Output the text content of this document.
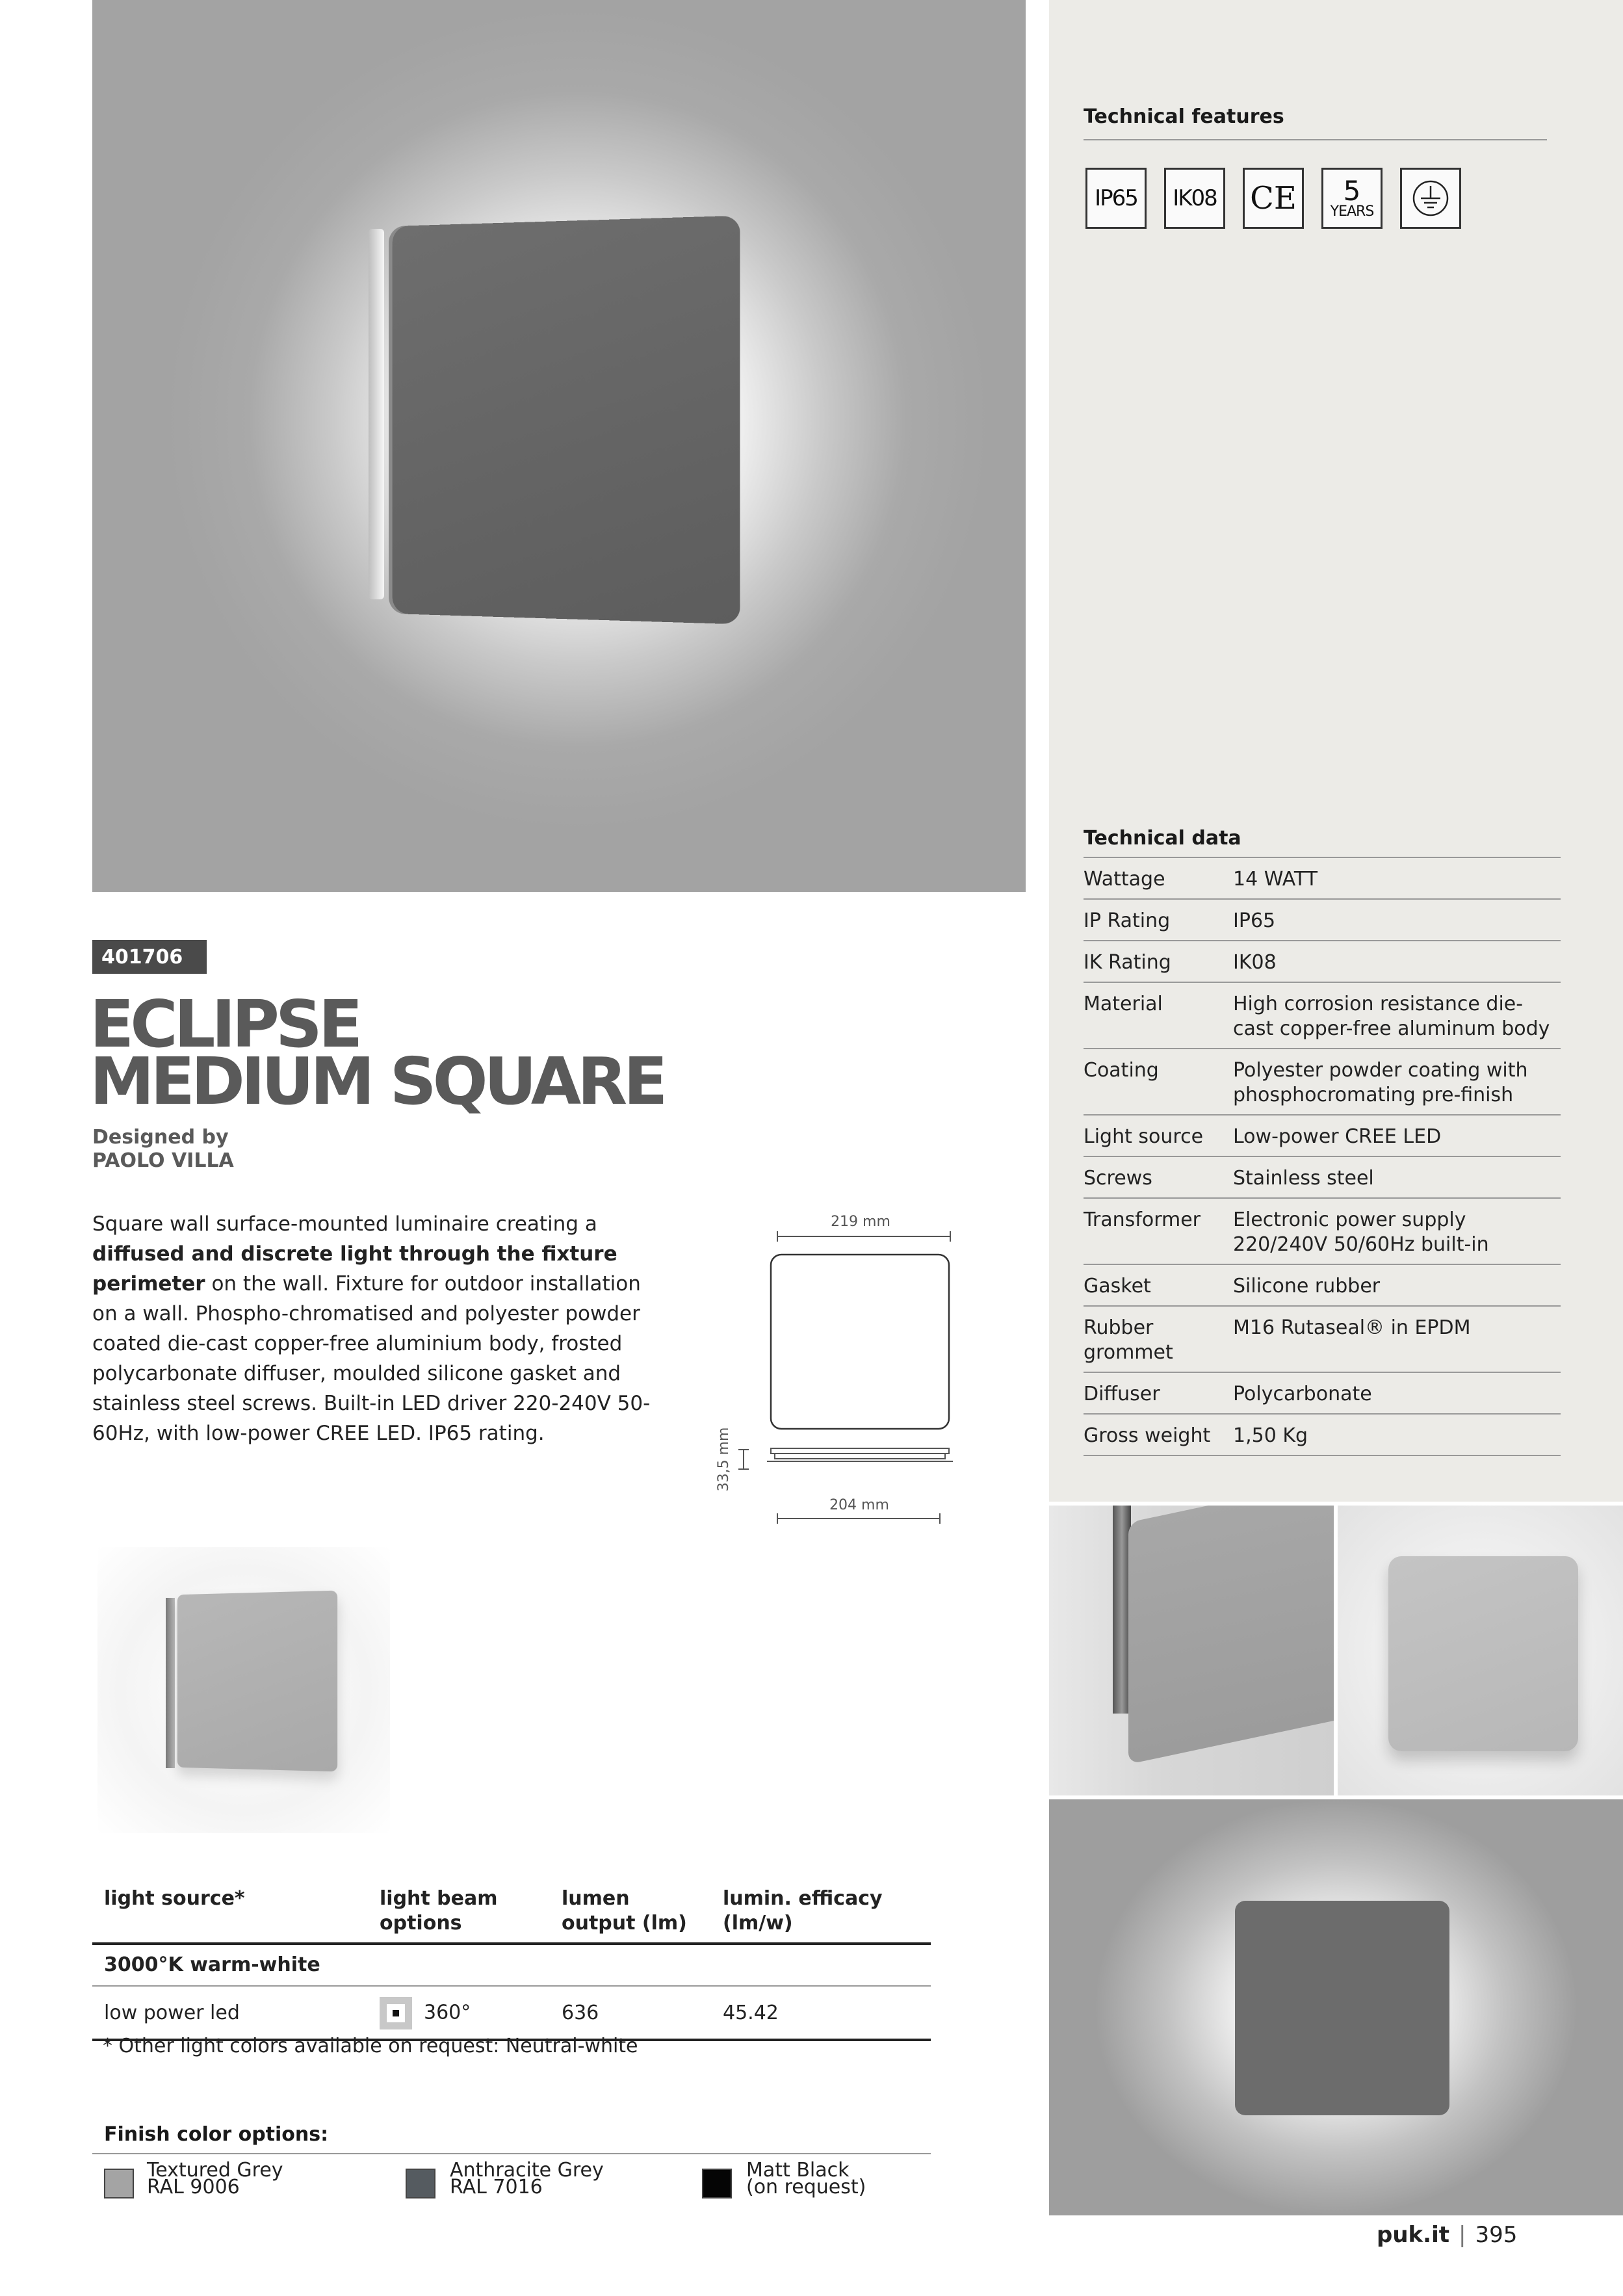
Technical features
IP65 IK08 CE 5
YEARS
Technical data
Wattage	14 WATT
IP Rating	IP65
IK Rating	IK08
Material	High corrosion resistance die-cast copper-free aluminum body
Coating	Polyester powder coating with phosphocromating pre-finish
Light source	Low-power CREE LED
Screws	Stainless steel
Transformer	Electronic power supply 220/240V 50/60Hz built-in
Gasket	Silicone rubber
Rubber grommet	M16 Rutaseal® in EPDM
Diffuser	Polycarbonate
Gross weight	1,50 Kg
401706
ECLIPSE
MEDIUM SQUARE
Designed by
PAOLO VILLA
Square wall surface-mounted luminaire creating a diffused and discrete light through the fixture perimeter on the wall. Fixture for outdoor installation on a wall. Phospho-chromatised and polyester powder coated die-cast copper-free aluminium body, frosted polycarbonate diffuser, moulded silicone gasket and stainless steel screws. Built-in LED driver 220-240V 50-60Hz, with low-power CREE LED. IP65 rating.
219 mm
33,5 mm
204 mm
light source*	light beam options	lumen output (lm)	lumin. efficacy (lm/w)
3000°K warm-white			
low power led	360°	636	45.42
* Other light colors available on request: Neutral-white
Finish color options:
Textured Grey
RAL 9006
Anthracite Grey
RAL 7016
Matt Black
(on request)
puk.it | 395
